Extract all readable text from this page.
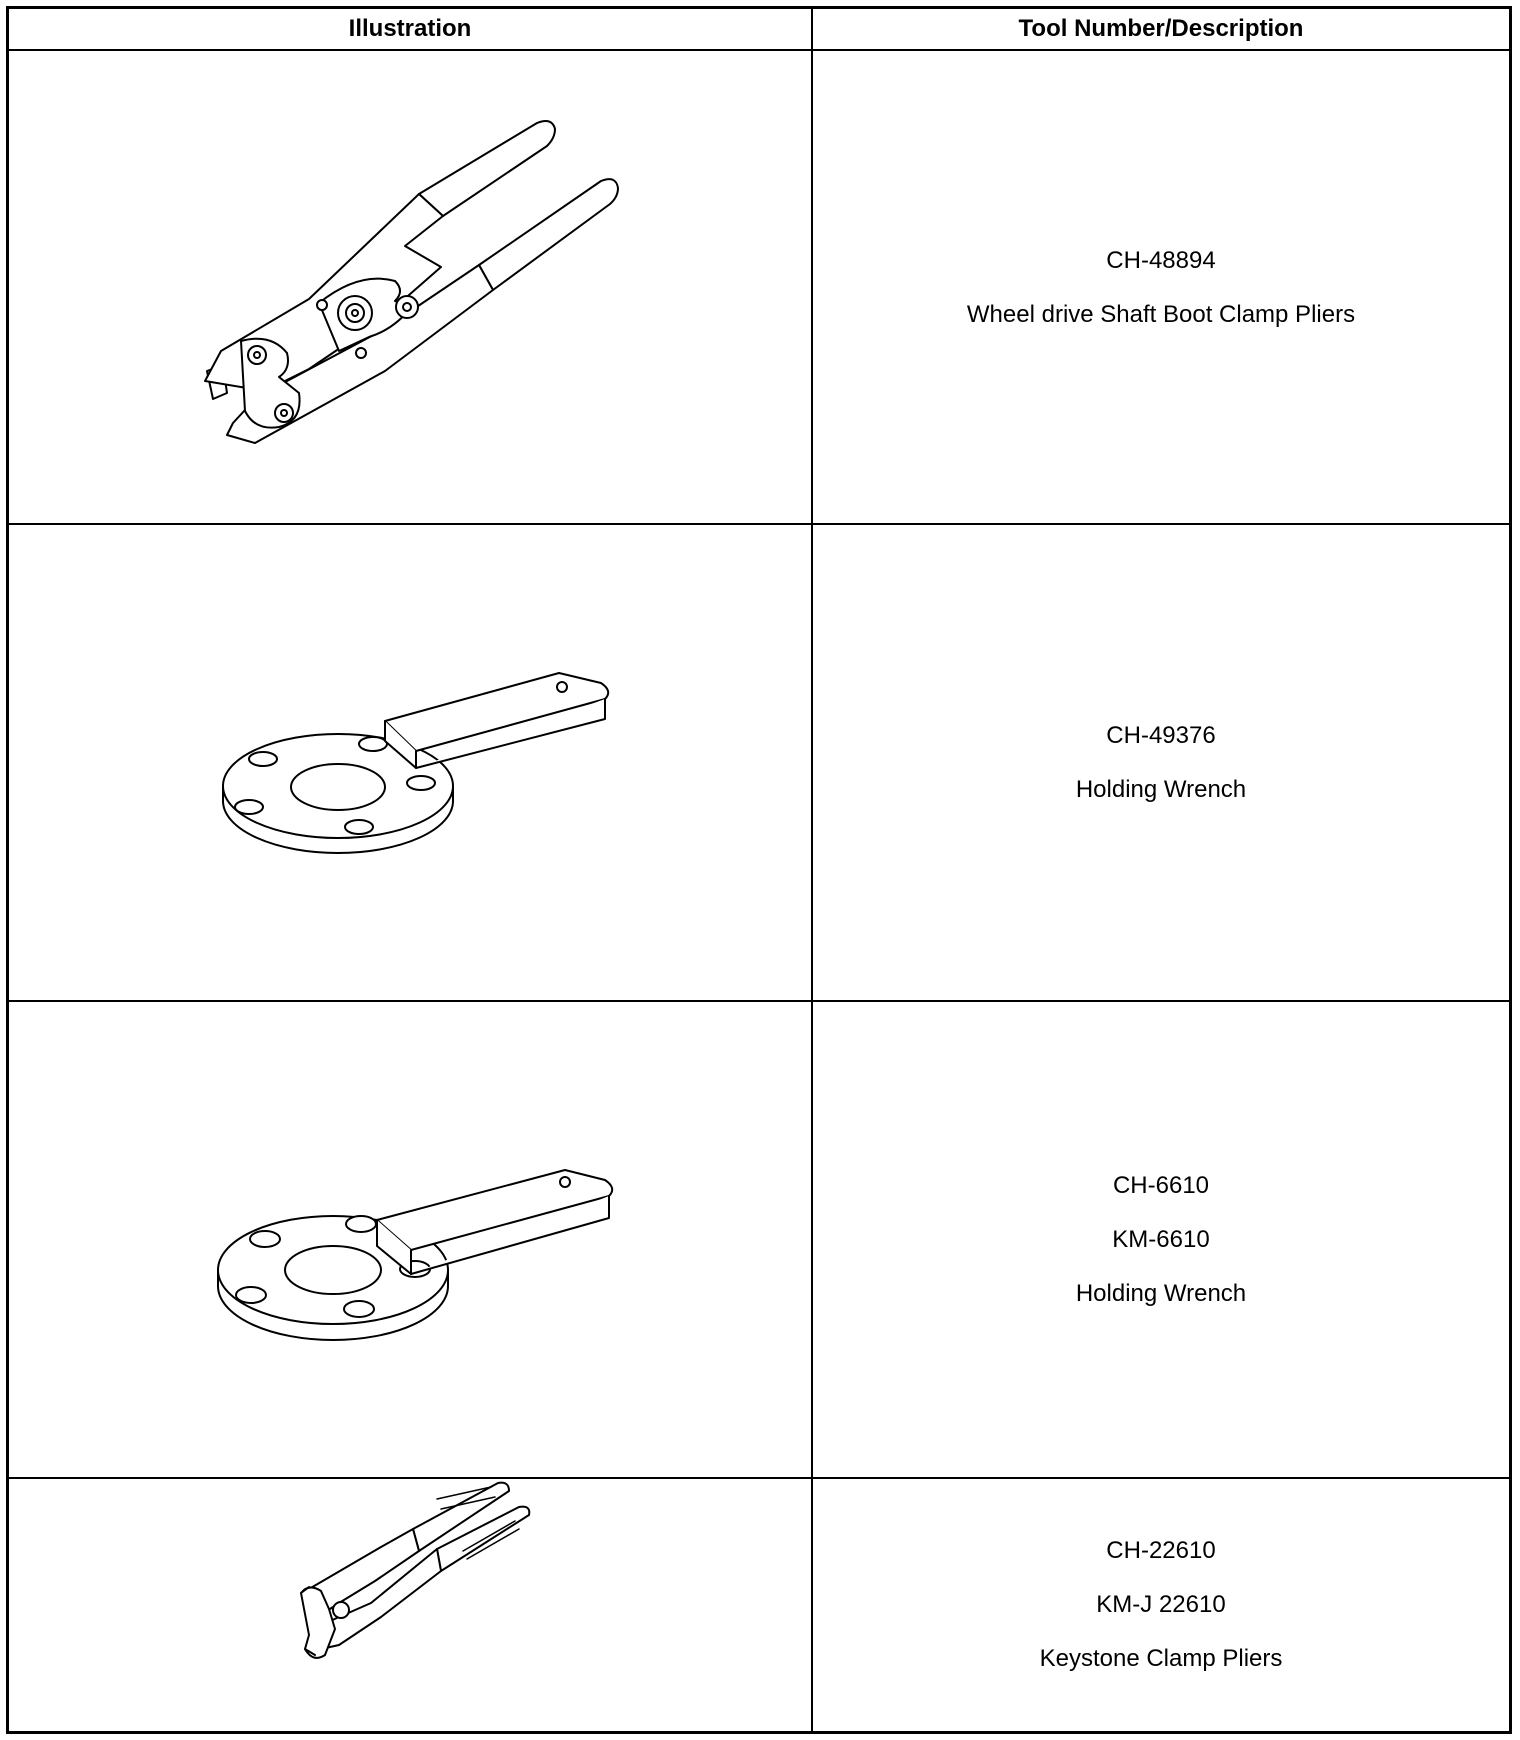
Illustration	Tool Number/Description
CH-48894
Wheel drive Shaft Boot Clamp Pliers
CH-49376
Holding Wrench
CH-6610
KM-6610
Holding Wrench
CH-22610
KM-J 22610
Keystone Clamp Pliers
